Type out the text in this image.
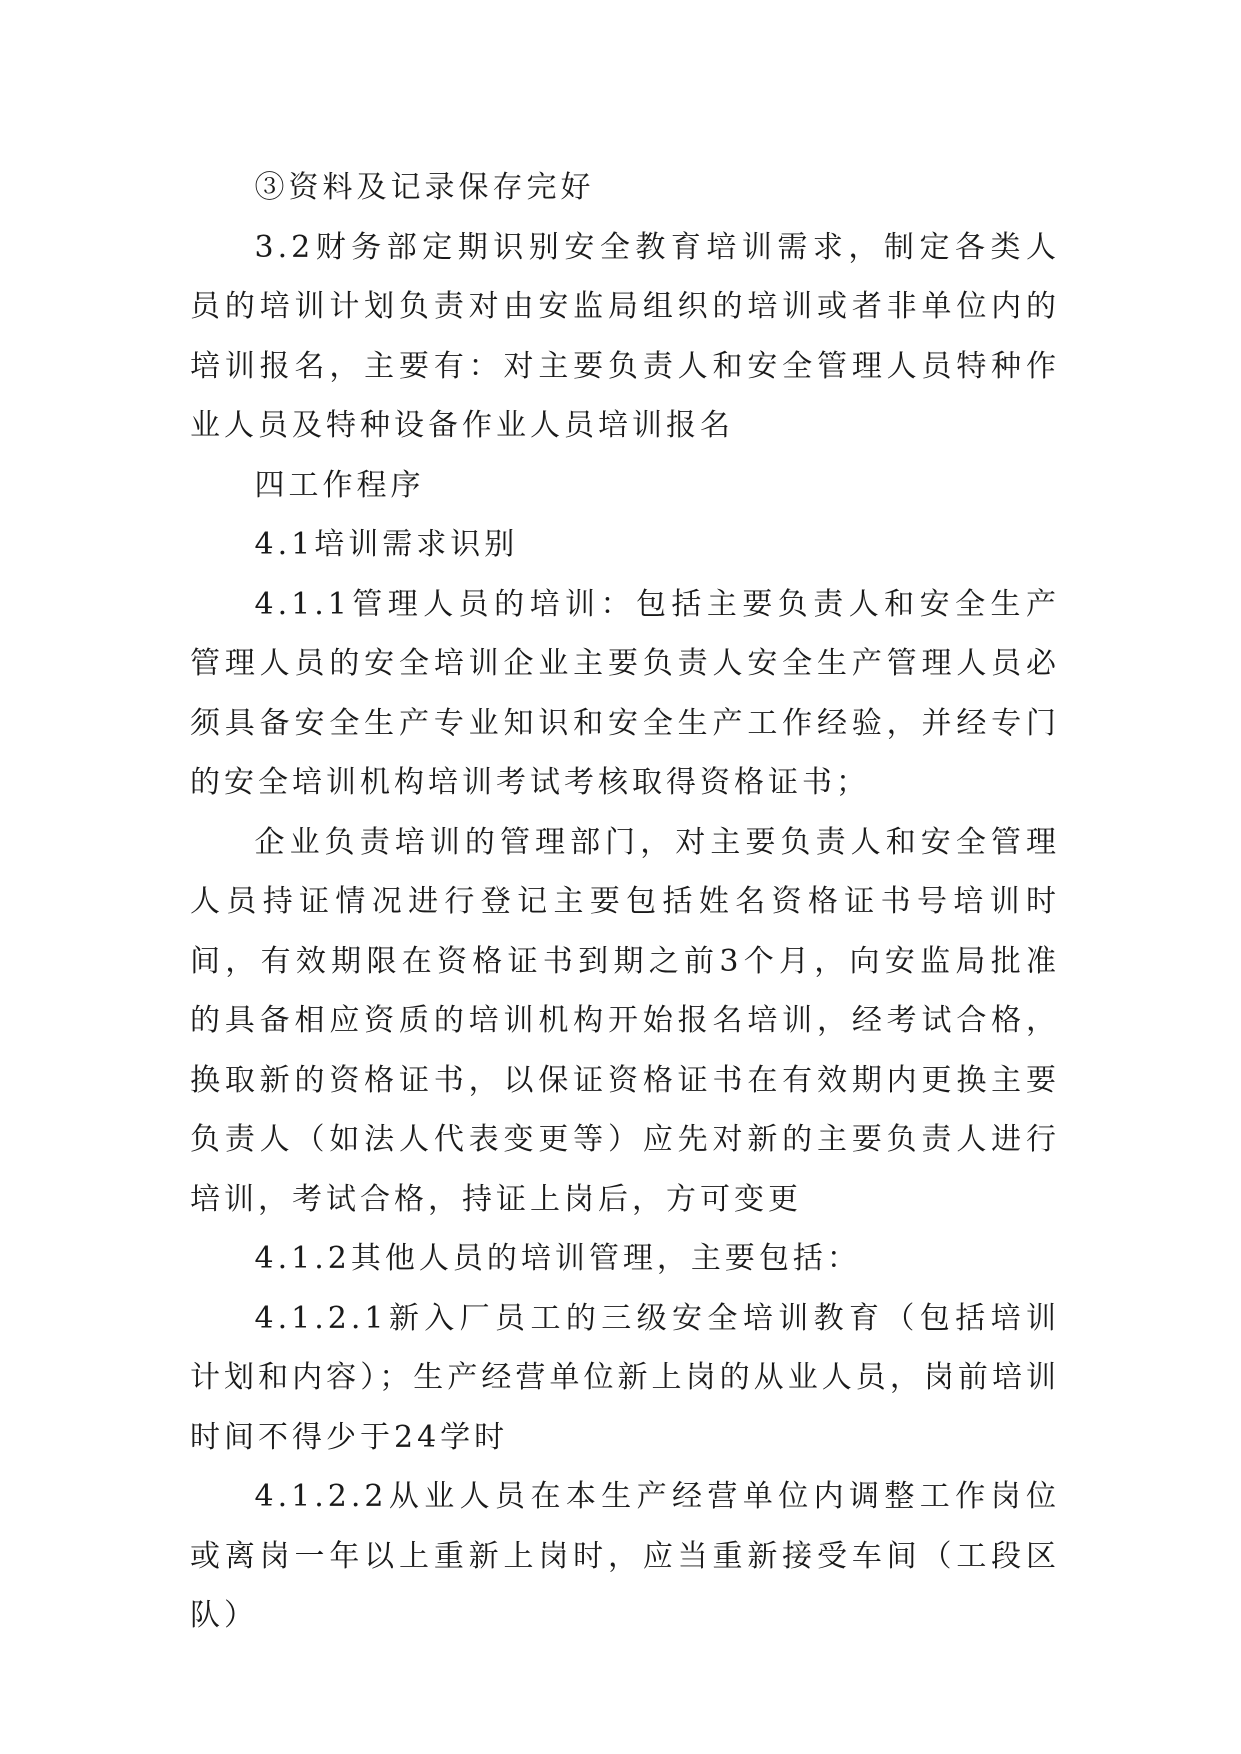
③资料及记录保存完好

3.2财务部定期识别安全教育培训需求，制定各类人员的培训计划负责对由安监局组织的培训或者非单位内的培训报名，主要有：对主要负责人和安全管理人员特种作业人员及特种设备作业人员培训报名

四工作程序

4.1培训需求识别

4.1.1管理人员的培训：包括主要负责人和安全生产管理人员的安全培训企业主要负责人安全生产管理人员必须具备安全生产专业知识和安全生产工作经验，并经专门的安全培训机构培训考试考核取得资格证书；

企业负责培训的管理部门，对主要负责人和安全管理人员持证情况进行登记主要包括姓名资格证书号培训时间，有效期限在资格证书到期之前3个月，向安监局批准的具备相应资质的培训机构开始报名培训，经考试合格，换取新的资格证书，以保证资格证书在有效期内更换主要负责人（如法人代表变更等）应先对新的主要负责人进行培训，考试合格，持证上岗后，方可变更

4.1.2其他人员的培训管理，主要包括：

4.1.2.1新入厂员工的三级安全培训教育（包括培训计划和内容）；生产经营单位新上岗的从业人员，岗前培训时间不得少于24学时

4.1.2.2从业人员在本生产经营单位内调整工作岗位或离岗一年以上重新上岗时，应当重新接受车间（工段区队）
